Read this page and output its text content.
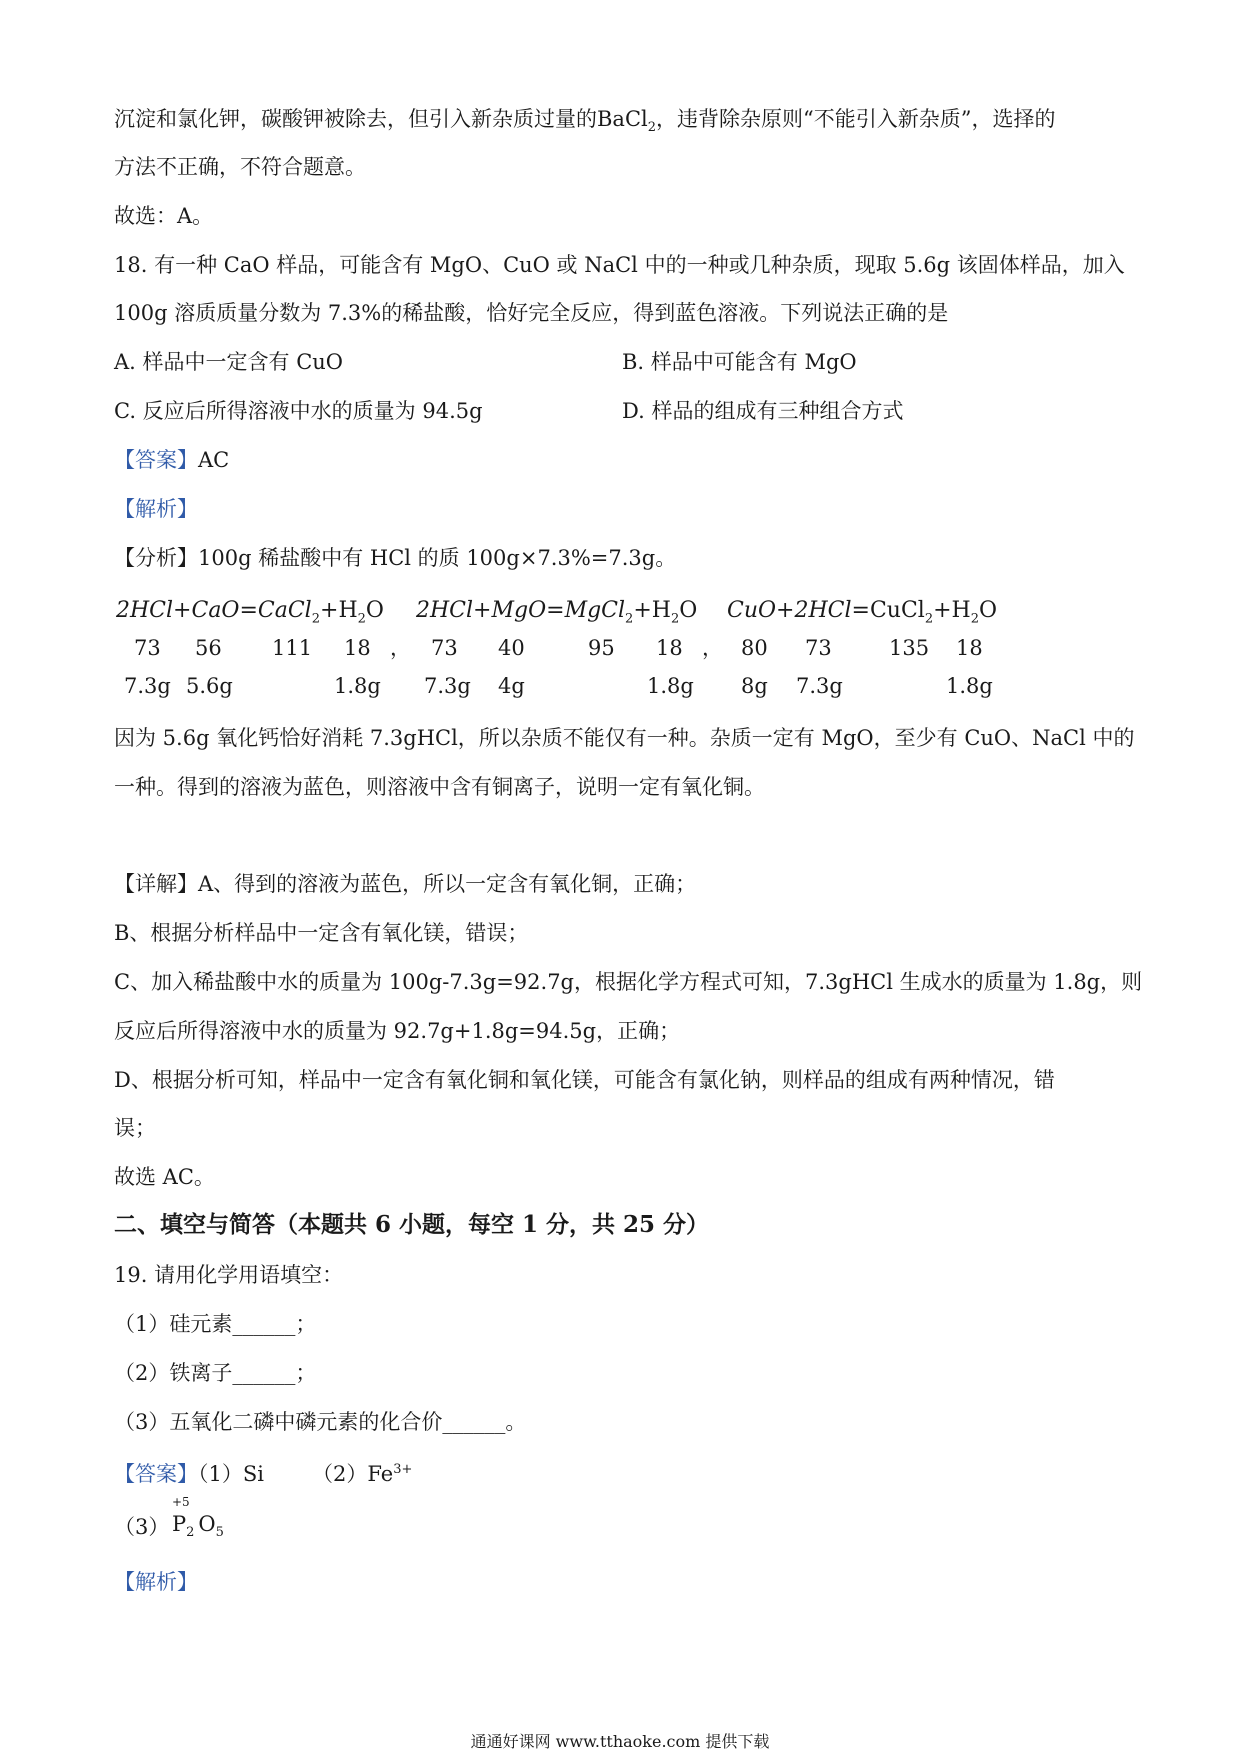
沉淀和氯化钾，碳酸钾被除去，但引入新杂质过量的BaCl$_2$，违背除杂原则“不能引入新杂质”，选择的
方法不正确，不符合题意。
故选：A。
18. 有一种 CaO 样品，可能含有 MgO、CuO 或 NaCl 中的一种或几种杂质，现取 5.6g 该固体样品，加入
100g 溶质质量分数为 7.3%的稀盐酸，恰好完全反应，得到蓝色溶液。下列说法正确的是
A. 样品中一定含有 CuO	B. 样品中可能含有 MgO
C. 反应后所得溶液中水的质量为 94.5g	D. 样品的组成有三种组合方式
【答案】AC
【解析】
【分析】100g 稀盐酸中有 HCl 的质 100g×7.3%=7.3g。
$2HCl+CaO=CaCl_2+H_2O$ $2HCl+MgO=MgCl_2+H_2O$ $CuO+2HCl=CuCl_2+H_2O$
73 56 111 18 ， 73 40	95 18 ， 80 73	135 18
7.3g 5.6g	1.8g 7.3g 4g	1.8g 8g 7.3g	1.8g
因为 5.6g 氧化钙恰好消耗 7.3gHCl，所以杂质不能仅有一种。杂质一定有 MgO，至少有 CuO、NaCl 中的
一种。得到的溶液为蓝色，则溶液中含有铜离子，说明一定有氧化铜。
【详解】A、得到的溶液为蓝色，所以一定含有氧化铜，正确；
B、根据分析样品中一定含有氧化镁，错误；
C、加入稀盐酸中水的质量为 100g-7.3g=92.7g，根据化学方程式可知，7.3gHCl 生成水的质量为 1.8g，则
反应后所得溶液中水的质量为 92.7g+1.8g=94.5g，正确；
D、根据分析可知，样品中一定含有氧化铜和氧化镁，可能含有氯化钠，则样品的组成有两种情况，错
误；
故选 AC。
二、填空与简答（本题共 6 小题，每空 1 分，共 25 分）
19. 请用化学用语填空：
（1）硅元素______；
（2）铁离子______；
（3）五氧化二磷中磷元素的化合价______。
【答案】（1）Si $(2)Fe^{3+}$
（3）
+5
$P_2$ $O_5$
【解析】
通通好课网 www.tthaoke.com 提供下载
